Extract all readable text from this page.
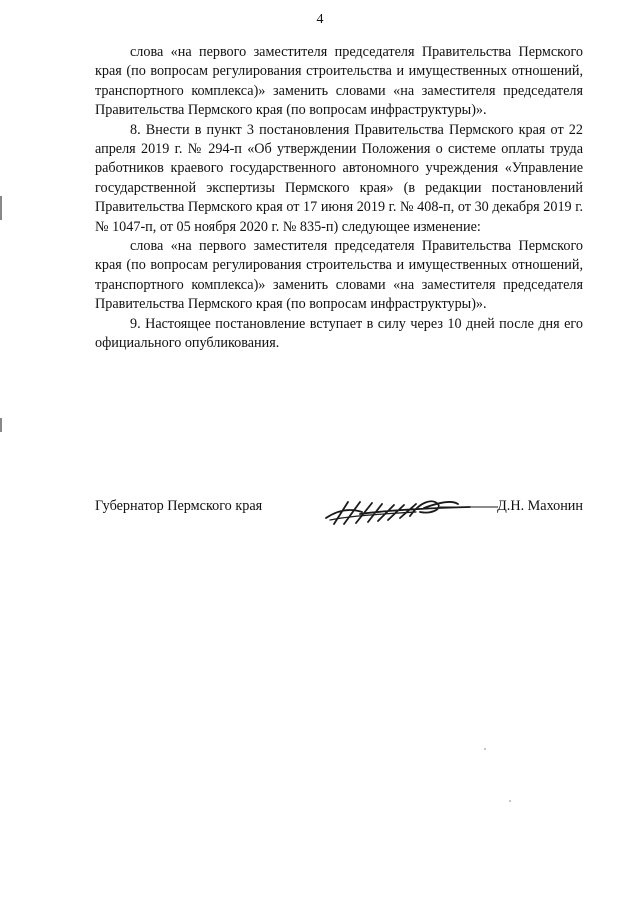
4

слова «на первого заместителя председателя Правительства Пермского края (по вопросам регулирования строительства и имущественных отношений, транспортного комплекса)» заменить словами «на заместителя председателя Правительства Пермского края (по вопросам инфраструктуры)».

8. Внести в пункт 3 постановления Правительства Пермского края от 22 апреля 2019 г. № 294-п «Об утверждении Положения о системе оплаты труда работников краевого государственного автономного учреждения «Управление государственной экспертизы Пермского края» (в редакции постановлений Правительства Пермского края от 17 июня 2019 г. № 408-п, от 30 декабря 2019 г. № 1047-п, от 05 ноября 2020 г. № 835-п) следующее изменение:

слова «на первого заместителя председателя Правительства Пермского края (по вопросам регулирования строительства и имущественных отношений, транспортного комплекса)» заменить словами «на заместителя председателя Правительства Пермского края (по вопросам инфраструктуры)».

9. Настоящее постановление вступает в силу через 10 дней после дня его официального опубликования.

Губернатор Пермского края	Д.Н. Махонин
